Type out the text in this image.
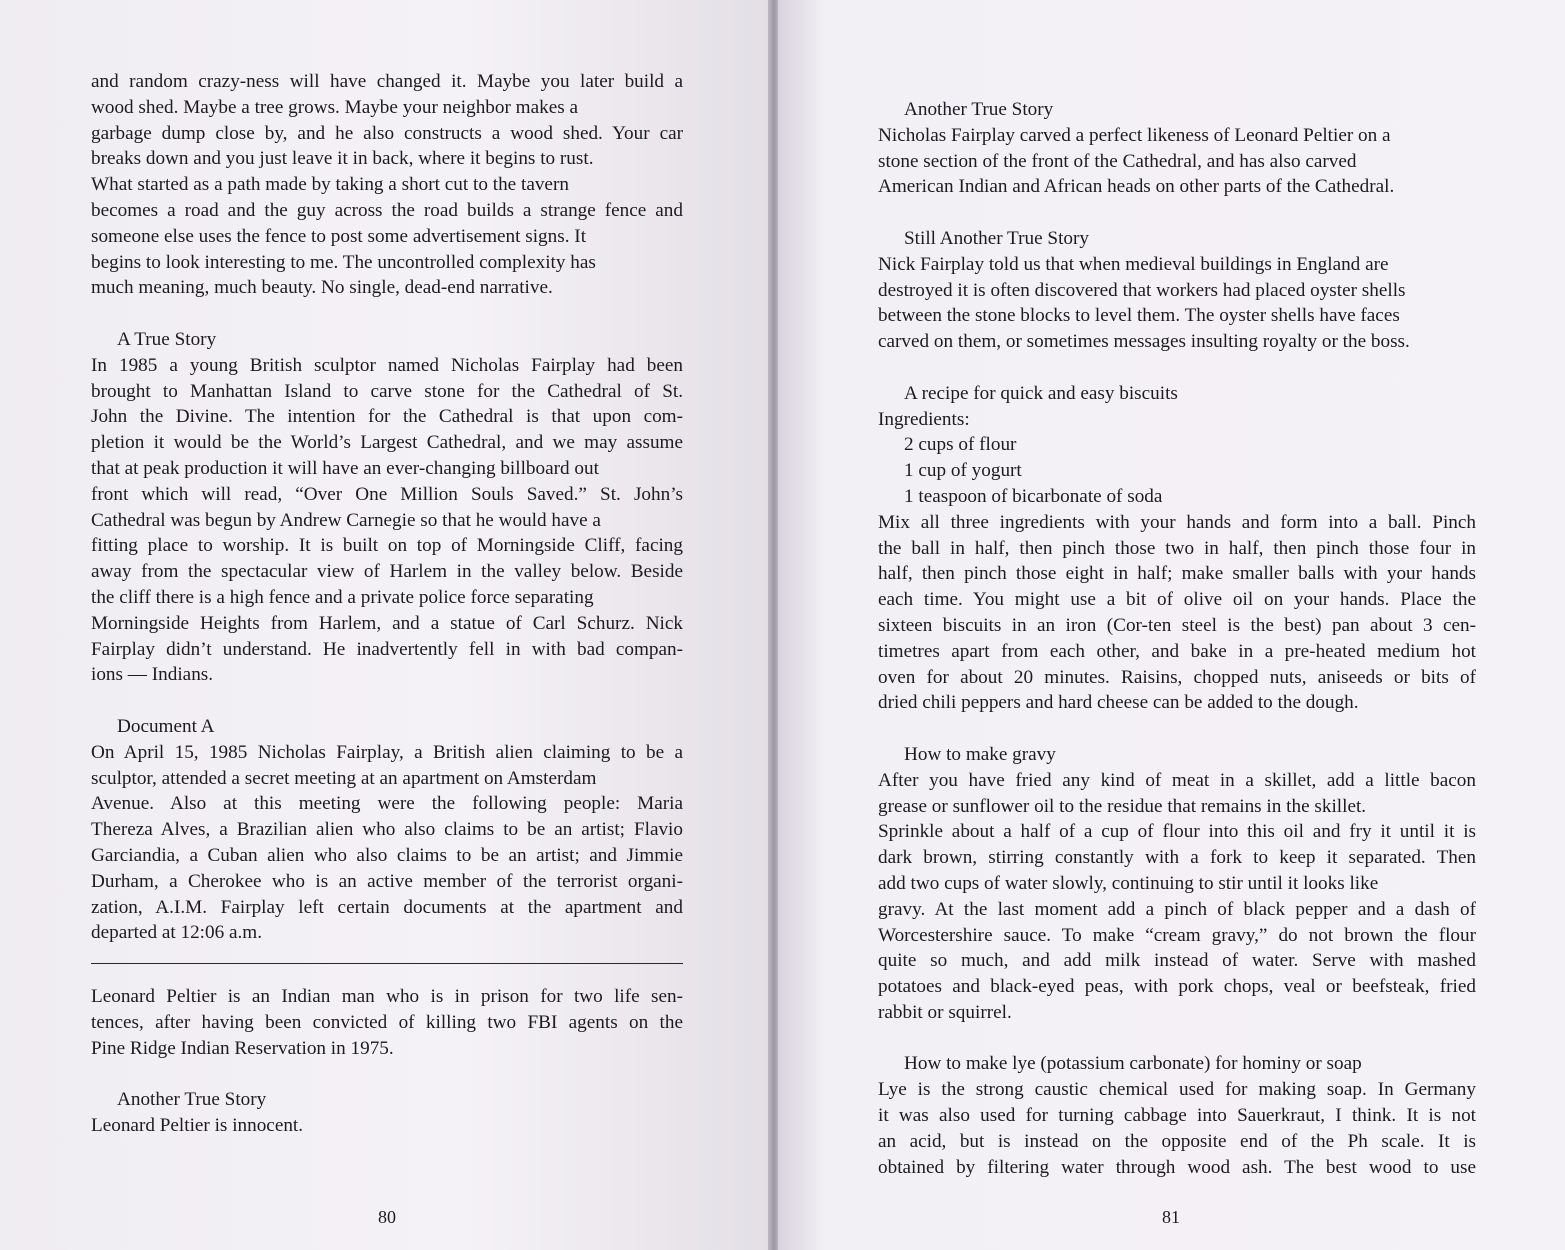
and random crazy-ness will have changed it. Maybe you later build a
wood shed. Maybe a tree grows. Maybe your neighbor makes a
garbage dump close by, and he also constructs a wood shed. Your car
breaks down and you just leave it in back, where it begins to rust.
What started as a path made by taking a short cut to the tavern
becomes a road and the guy across the road builds a strange fence and
someone else uses the fence to post some advertisement signs. It
begins to look interesting to me. The uncontrolled complexity has
much meaning, much beauty. No single, dead-end narrative.
A True Story
In 1985 a young British sculptor named Nicholas Fairplay had been
brought to Manhattan Island to carve stone for the Cathedral of St.
John the Divine. The intention for the Cathedral is that upon com-
pletion it would be the World’s Largest Cathedral, and we may assume
that at peak production it will have an ever-changing billboard out
front which will read, “Over One Million Souls Saved.” St. John’s
Cathedral was begun by Andrew Carnegie so that he would have a
fitting place to worship. It is built on top of Morningside Cliff, facing
away from the spectacular view of Harlem in the valley below. Beside
the cliff there is a high fence and a private police force separating
Morningside Heights from Harlem, and a statue of Carl Schurz. Nick
Fairplay didn’t understand. He inadvertently fell in with bad compan-
ions — Indians.
Document A
On April 15, 1985 Nicholas Fairplay, a British alien claiming to be a
sculptor, attended a secret meeting at an apartment on Amsterdam
Avenue. Also at this meeting were the following people: Maria
Thereza Alves, a Brazilian alien who also claims to be an artist; Flavio
Garciandia, a Cuban alien who also claims to be an artist; and Jimmie
Durham, a Cherokee who is an active member of the terrorist organi-
zation, A.I.M. Fairplay left certain documents at the apartment and
departed at 12:06 a.m.
Leonard Peltier is an Indian man who is in prison for two life sen-
tences, after having been convicted of killing two FBI agents on the
Pine Ridge Indian Reservation in 1975.
Another True Story
Leonard Peltier is innocent.
80
Another True Story
Nicholas Fairplay carved a perfect likeness of Leonard Peltier on a
stone section of the front of the Cathedral, and has also carved
American Indian and African heads on other parts of the Cathedral.
Still Another True Story
Nick Fairplay told us that when medieval buildings in England are
destroyed it is often discovered that workers had placed oyster shells
between the stone blocks to level them. The oyster shells have faces
carved on them, or sometimes messages insulting royalty or the boss.
A recipe for quick and easy biscuits
Ingredients:
2 cups of flour
1 cup of yogurt
1 teaspoon of bicarbonate of soda
Mix all three ingredients with your hands and form into a ball. Pinch
the ball in half, then pinch those two in half, then pinch those four in
half, then pinch those eight in half; make smaller balls with your hands
each time. You might use a bit of olive oil on your hands. Place the
sixteen biscuits in an iron (Cor-ten steel is the best) pan about 3 cen-
timetres apart from each other, and bake in a pre-heated medium hot
oven for about 20 minutes. Raisins, chopped nuts, aniseeds or bits of
dried chili peppers and hard cheese can be added to the dough.
How to make gravy
After you have fried any kind of meat in a skillet, add a little bacon
grease or sunflower oil to the residue that remains in the skillet.
Sprinkle about a half of a cup of flour into this oil and fry it until it is
dark brown, stirring constantly with a fork to keep it separated. Then
add two cups of water slowly, continuing to stir until it looks like
gravy. At the last moment add a pinch of black pepper and a dash of
Worcestershire sauce. To make “cream gravy,” do not brown the flour
quite so much, and add milk instead of water. Serve with mashed
potatoes and black-eyed peas, with pork chops, veal or beefsteak, fried
rabbit or squirrel.
How to make lye (potassium carbonate) for hominy or soap
Lye is the strong caustic chemical used for making soap. In Germany
it was also used for turning cabbage into Sauerkraut, I think. It is not
an acid, but is instead on the opposite end of the Ph scale. It is
obtained by filtering water through wood ash. The best wood to use
81
